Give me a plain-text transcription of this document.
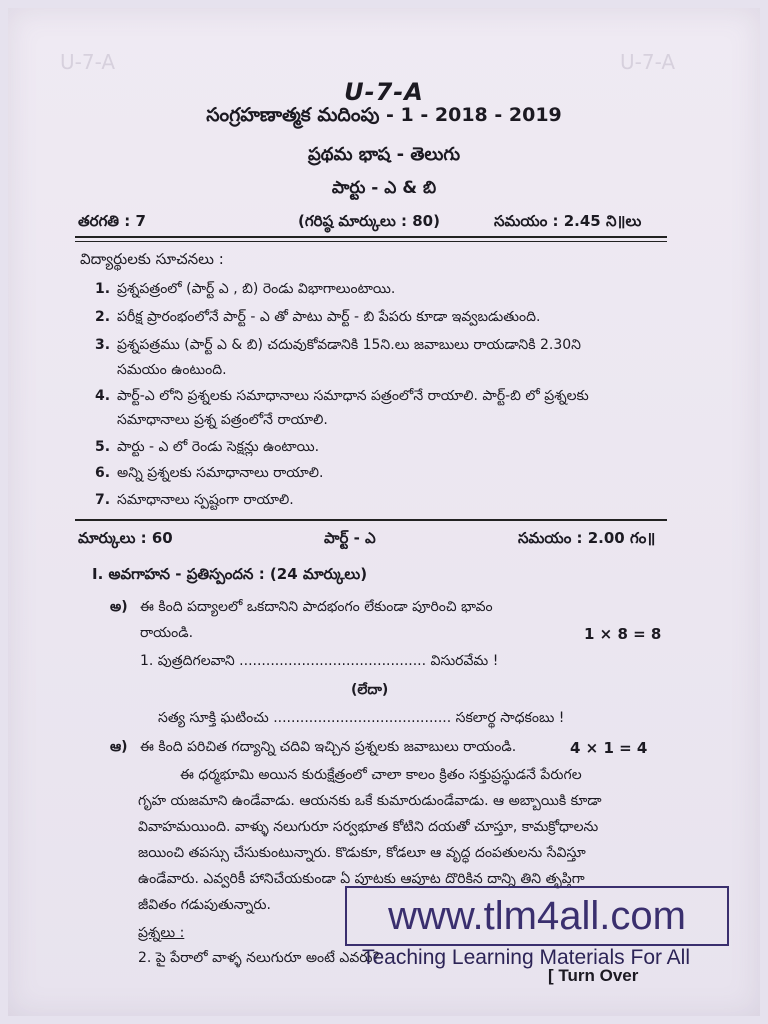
U-7-A
U-7-A
U-7-A
సంగ్రహణాత్మక మదింపు - 1 - 2018 - 2019
ప్రథమ భాష - తెలుగు
పార్టు - ఎ & బి
తరగతి : 7	(గరిష్ఠ మార్కులు : 80)	సమయం : 2.45 ని॥లు
విద్యార్థులకు సూచనలు :
1. ప్రశ్నపత్రంలో (పార్ట్ ఎ , బి) రెండు విభాగాలుంటాయి.
2. పరీక్ష ప్రారంభంలోనే పార్ట్ - ఎ తో పాటు పార్ట్ - బి పేపరు కూడా ఇవ్వబడుతుంది.
3. ప్రశ్నపత్రము (పార్ట్ ఎ & బి) చదువుకోవడానికి 15ని.లు జవాబులు రాయడానికి 2.30ని
సమయం ఉంటుంది.
4. పార్ట్-ఎ లోని ప్రశ్నలకు సమాధానాలు సమాధాన పత్రంలోనే రాయాలి. పార్ట్-బి లో ప్రశ్నలకు
సమాధానాలు ప్రశ్న పత్రంలోనే రాయాలి.
5. పార్టు - ఎ లో రెండు సెక్షన్లు ఉంటాయి.
6. అన్ని ప్రశ్నలకు సమాధానాలు రాయాలి.
7. సమాధానాలు స్పష్టంగా రాయాలి.
మార్కులు : 60	పార్ట్ - ఎ	సమయం : 2.00 గం॥
I. అవగాహన - ప్రతిస్పందన : (24 మార్కులు)
అ) ఈ కింది పద్యాలలో ఒకదానిని పాదభంగం లేకుండా పూరించి భావం
రాయండి.	1 × 8 = 8
1. పుత్రదిగలవాని .......................................... విసురవేమ !
(లేదా)
సత్య సూక్తి ఘటించు ........................................ సకలార్థ సాధకంబు !
ఆ) ఈ కింది పరిచిత గద్యాన్ని చదివి ఇచ్చిన ప్రశ్నలకు జవాబులు రాయండి.	4 × 1 = 4
ఈ ధర్మభూమి అయిన కురుక్షేత్రంలో చాలా కాలం క్రితం సక్తుప్రస్థుడనే పేరుగల
గృహ యజమాని ఉండేవాడు. ఆయనకు ఒకే కుమారుడుండేవాడు. ఆ అబ్బాయికి కూడా
వివాహమయింది. వాళ్ళు నలుగురూ సర్వభూత కోటిని దయతో చూస్తూ, కామక్రోధాలను
జయించి తపస్సు చేసుకుంటున్నారు. కొడుకూ, కోడలూ ఆ వృద్ధ దంపతులను సేవిస్తూ
ఉండేవారు. ఎవ్వరికీ హానిచేయకుండా ఏ పూటకు ఆపూట దొరికిన దాన్ని తిని తృప్తిగా
జీవితం గడుపుతున్నారు.
ప్రశ్నలు :
2. పై పేరాలో వాళ్ళ నలుగురూ అంటే ఎవరు?
www.tlm4all.com
Teaching Learning Materials For All
[ Turn Over
